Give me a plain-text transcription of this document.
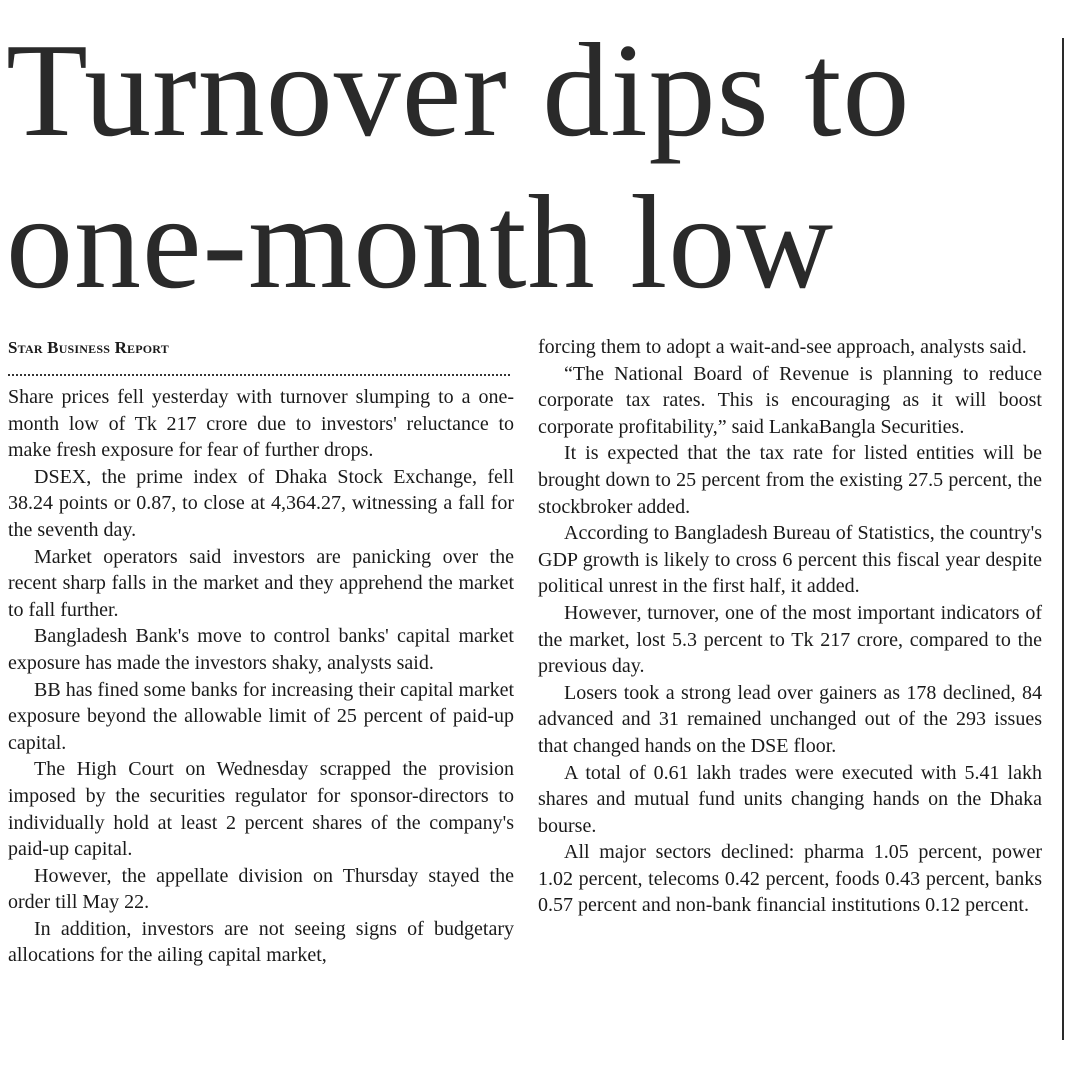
Turnover dips to
one-month low
Star Business Report

Share prices fell yesterday with turnover slumping to a one-month low of Tk 217 crore due to investors' reluctance to make fresh exposure for fear of further drops.

DSEX, the prime index of Dhaka Stock Exchange, fell 38.24 points or 0.87, to close at 4,364.27, witnessing a fall for the seventh day.

Market operators said investors are panicking over the recent sharp falls in the market and they apprehend the market to fall further.

Bangladesh Bank's move to control banks' capital market exposure has made the investors shaky, analysts said.

BB has fined some banks for increasing their capital market exposure beyond the allowable limit of 25 percent of paid-up capital.

The High Court on Wednesday scrapped the provision imposed by the securities regulator for sponsor-directors to individually hold at least 2 percent shares of the company's paid-up capital.

However, the appellate division on Thursday stayed the order till May 22.

In addition, investors are not seeing signs of budgetary allocations for the ailing capital market,

forcing them to adopt a wait-and-see approach, analysts said.

“The National Board of Revenue is planning to reduce corporate tax rates. This is encouraging as it will boost corporate profitability,” said LankaBangla Securities.

It is expected that the tax rate for listed entities will be brought down to 25 percent from the existing 27.5 percent, the stockbroker added.

According to Bangladesh Bureau of Statistics, the country's GDP growth is likely to cross 6 percent this fiscal year despite political unrest in the first half, it added.

However, turnover, one of the most important indicators of the market, lost 5.3 percent to Tk 217 crore, compared to the previous day.

Losers took a strong lead over gainers as 178 declined, 84 advanced and 31 remained unchanged out of the 293 issues that changed hands on the DSE floor.

A total of 0.61 lakh trades were executed with 5.41 lakh shares and mutual fund units changing hands on the Dhaka bourse.

All major sectors declined: pharma 1.05 percent, power 1.02 percent, telecoms 0.42 percent, foods 0.43 percent, banks 0.57 percent and non-bank financial institutions 0.12 percent.
